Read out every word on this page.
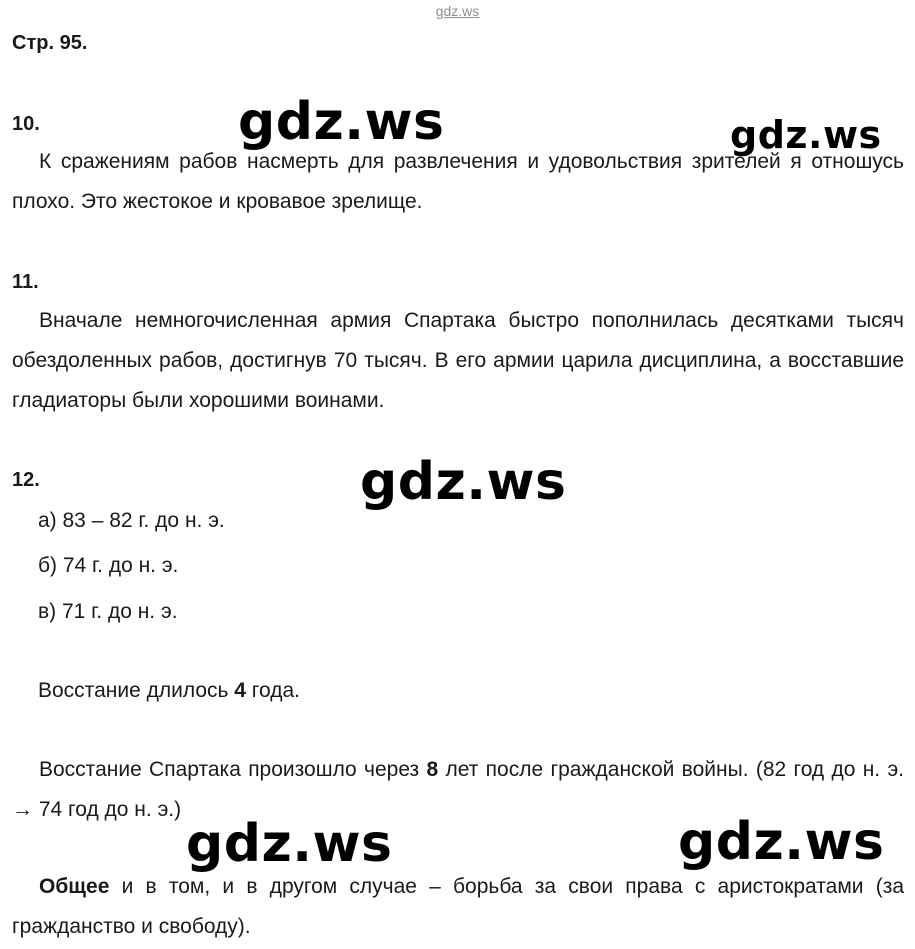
gdz.ws
Стр. 95.
10.
К сражениям рабов насмерть для развлечения и удовольствия зрителей я отношусь плохо. Это жестокое и кровавое зрелище.
11.
Вначале немногочисленная армия Спартака быстро пополнилась десятками тысяч обездоленных рабов, достигнув 70 тысяч. В его армии царила дисциплина, а восставшие гладиаторы были хорошими воинами.
12.
а) 83 – 82 г. до н. э.
б) 74 г. до н. э.
в) 71 г. до н. э.
Восстание длилось 4 года.
Восстание Спартака произошло через 8 лет после гражданской войны. (82 год до н. э. → 74 год до н. э.)
Общее и в том, и в другом случае – борьба за свои права с аристократами (за гражданство и свободу).
gdz.ws	gdz.ws
gdz.ws
gdz.ws	gdz.ws
